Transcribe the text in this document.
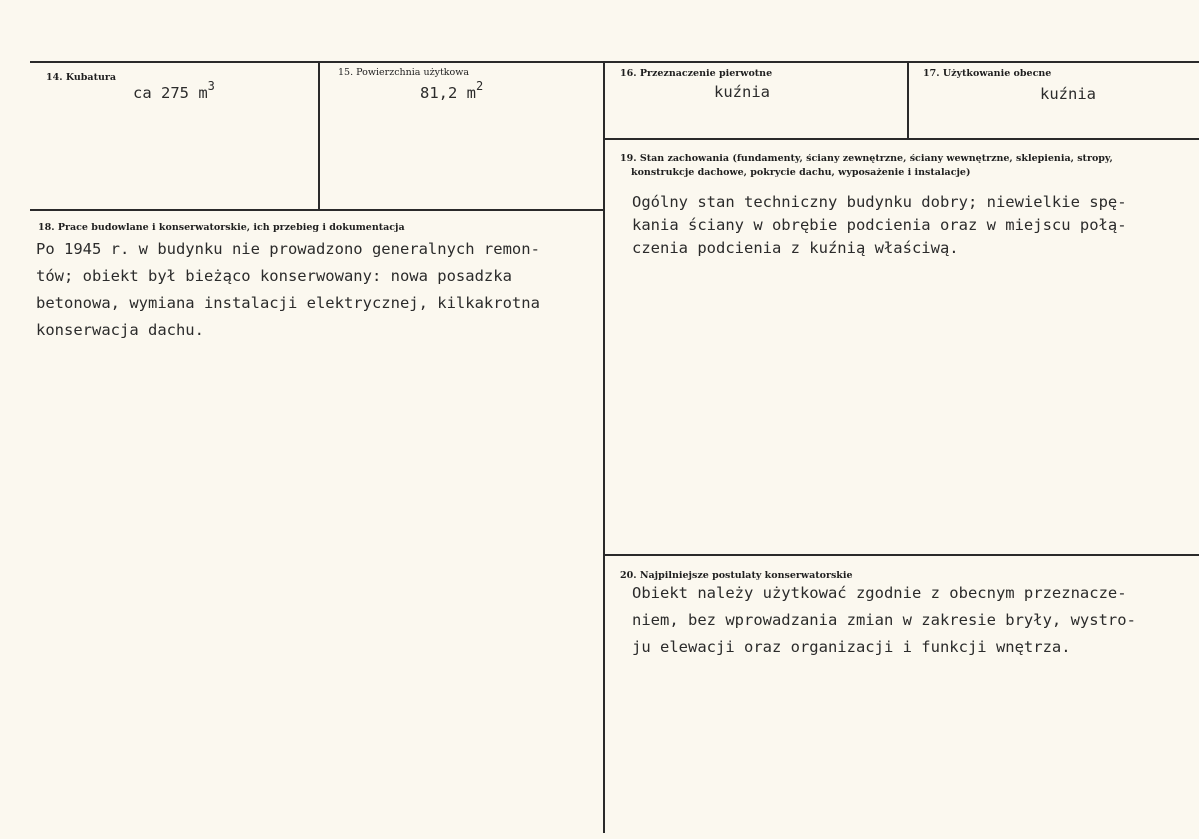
14. Kubatura
ca 275 $m^3$
15. Powierzchnia użytkowa
81,2 $m^2$
16. Przeznaczenie pierwotne
kuźnia
17. Użytkowanie obecne
kuźnia
18. Prace budowlane i konserwatorskie, ich przebieg i dokumentacja
Po 1945 r. w budynku nie prowadzono generalnych remon-
tów; obiekt był bieżąco konserwowany: nowa posadzka
betonowa, wymiana instalacji elektrycznej, kilkakrotna
konserwacja dachu.
19. Stan zachowania (fundamenty, ściany zewnętrzne, ściany wewnętrzne, sklepienia, stropy,
konstrukcje dachowe, pokrycie dachu, wyposażenie i instalacje)
Ogólny stan techniczny budynku dobry; niewielkie spę-
kania ściany w obrębie podcienia oraz w miejscu połą-
czenia podcienia z kuźnią właściwą.
20. Najpilniejsze postulaty konserwatorskie
Obiekt należy użytkować zgodnie z obecnym przeznacze-
niem, bez wprowadzania zmian w zakresie bryły, wystro-
ju elewacji oraz organizacji i funkcji wnętrza.
